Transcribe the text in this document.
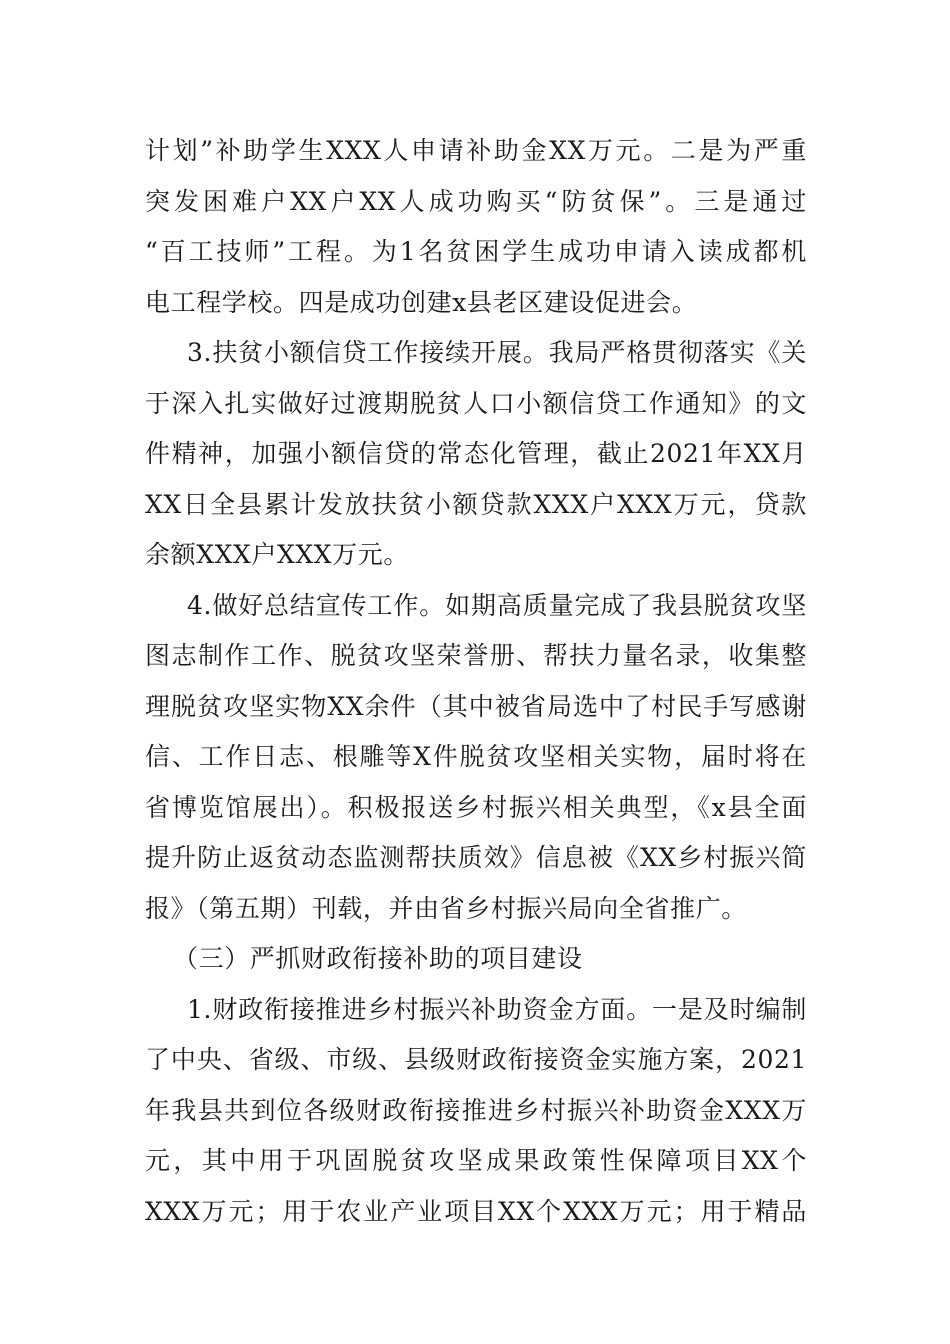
计划”补助学生XXX人申请补助金XX万元。二是为严重
突发困难户XX户XX人成功购买“防贫保”。三是通过
“百工技师”工程。为1名贫困学生成功申请入读成都机
电工程学校。四是成功创建x县老区建设促进会。
3.扶贫小额信贷工作接续开展。我局严格贯彻落实《关
于深入扎实做好过渡期脱贫人口小额信贷工作通知》的文
件精神，加强小额信贷的常态化管理，截止2021年XX月
XX日全县累计发放扶贫小额贷款XXX户XXX万元，贷款
余额XXX户XXX万元。
4.做好总结宣传工作。如期高质量完成了我县脱贫攻坚
图志制作工作、脱贫攻坚荣誉册、帮扶力量名录，收集整
理脱贫攻坚实物XX余件（其中被省局选中了村民手写感谢
信、工作日志、根雕等X件脱贫攻坚相关实物，届时将在
省博览馆展出）。积极报送乡村振兴相关典型，《x县全面
提升防止返贫动态监测帮扶质效》信息被《XX乡村振兴简
报》（第五期）刊载，并由省乡村振兴局向全省推广。
（三）严抓财政衔接补助的项目建设
1.财政衔接推进乡村振兴补助资金方面。一是及时编制
了中央、省级、市级、县级财政衔接资金实施方案，2021
年我县共到位各级财政衔接推进乡村振兴补助资金XXX万
元，其中用于巩固脱贫攻坚成果政策性保障项目XX个
XXX万元；用于农业产业项目XX个XXX万元；用于精品
